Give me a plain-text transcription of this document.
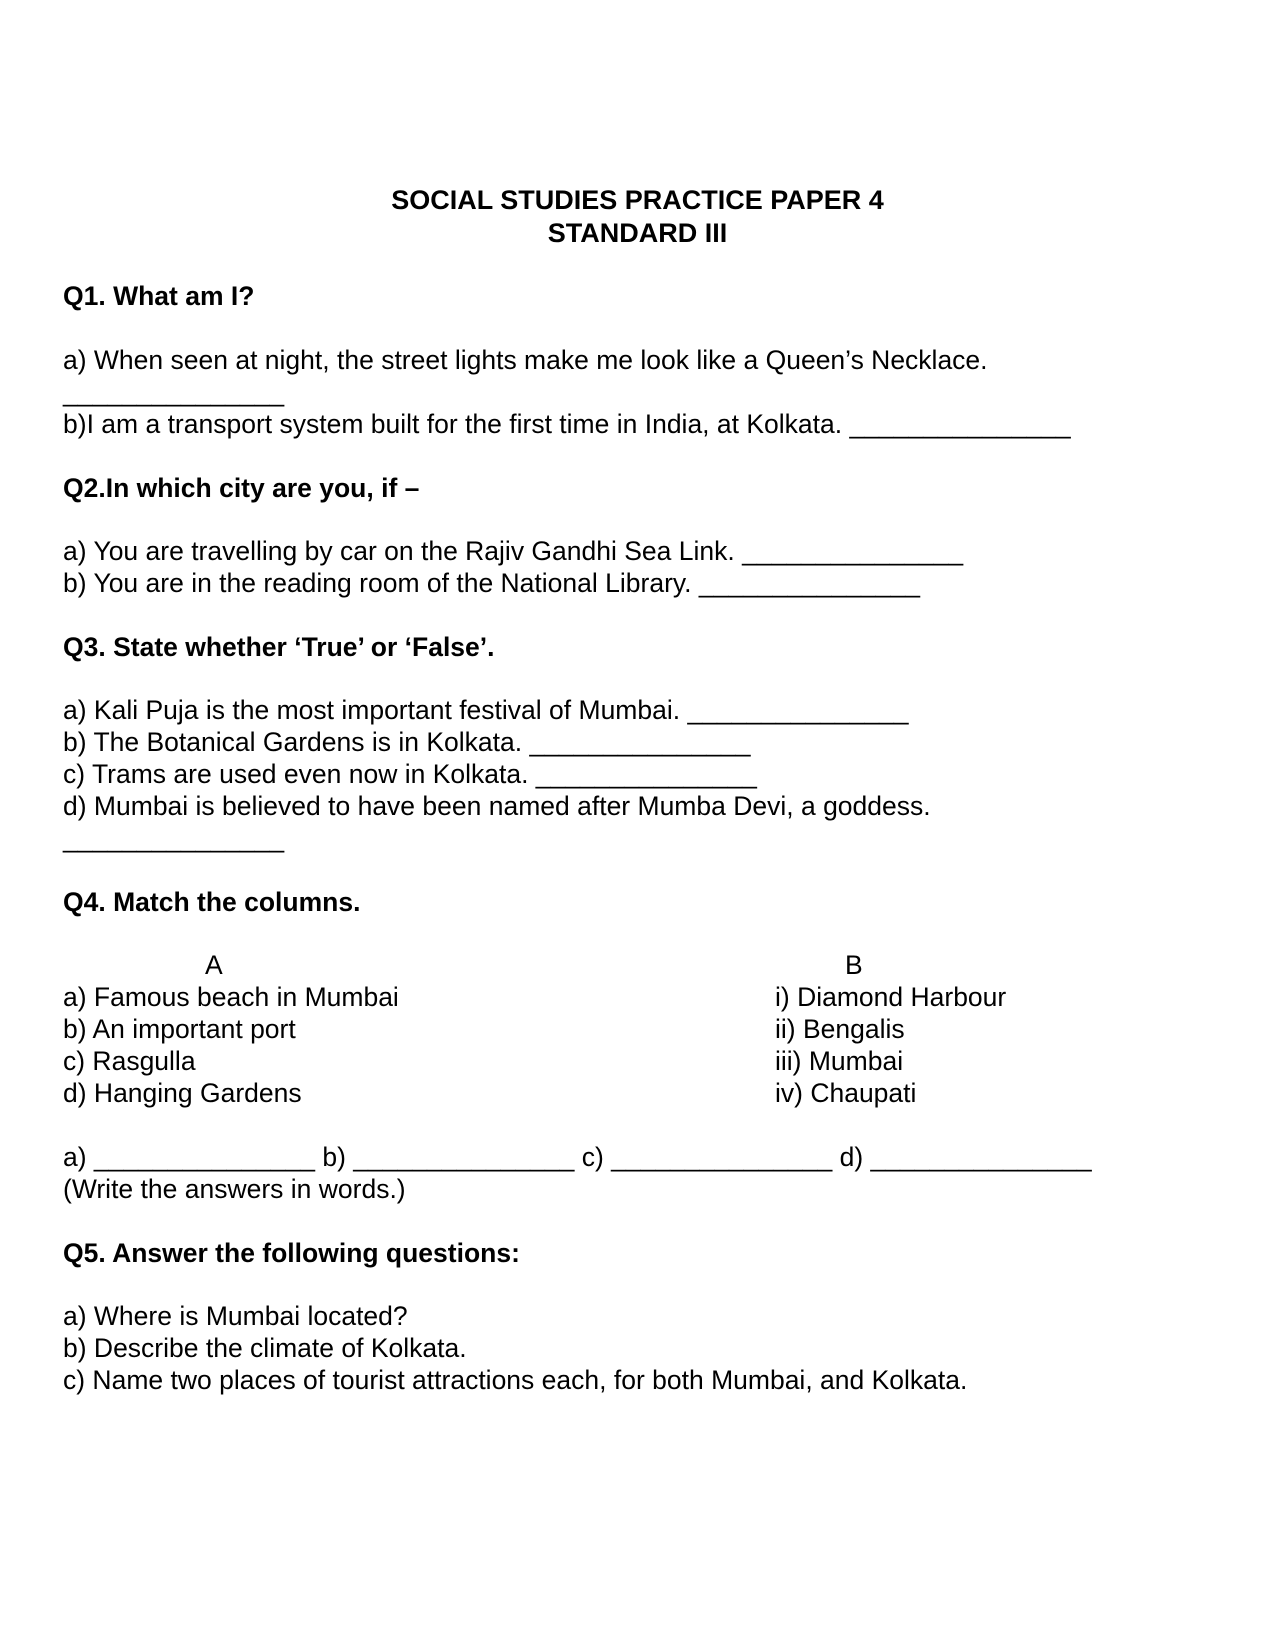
SOCIAL STUDIES PRACTICE PAPER 4
STANDARD III
Q1. What am I?
a) When seen at night, the street lights make me look like a Queen’s Necklace.
_______________
b)I am a transport system built for the first time in India, at Kolkata. _______________
Q2.In which city are you, if –
a) You are travelling by car on the Rajiv Gandhi Sea Link. _______________
b) You are in the reading room of the National Library. _______________
Q3. State whether ‘True’ or ‘False’.
a) Kali Puja is the most important festival of Mumbai. _______________
b) The Botanical Gardens is in Kolkata. _______________
c) Trams are used even now in Kolkata. _______________
d) Mumbai is believed to have been named after Mumba Devi, a goddess.
_______________
Q4. Match the columns.
A	B
a) Famous beach in Mumbai
b) An important port
c) Rasgulla
d) Hanging Gardens
i) Diamond Harbour
ii) Bengalis
iii) Mumbai
iv) Chaupati
a) _______________ b) _______________ c) _______________ d) _______________
(Write the answers in words.)
Q5. Answer the following questions:
a) Where is Mumbai located?
b) Describe the climate of Kolkata.
c) Name two places of tourist attractions each, for both Mumbai, and Kolkata.
